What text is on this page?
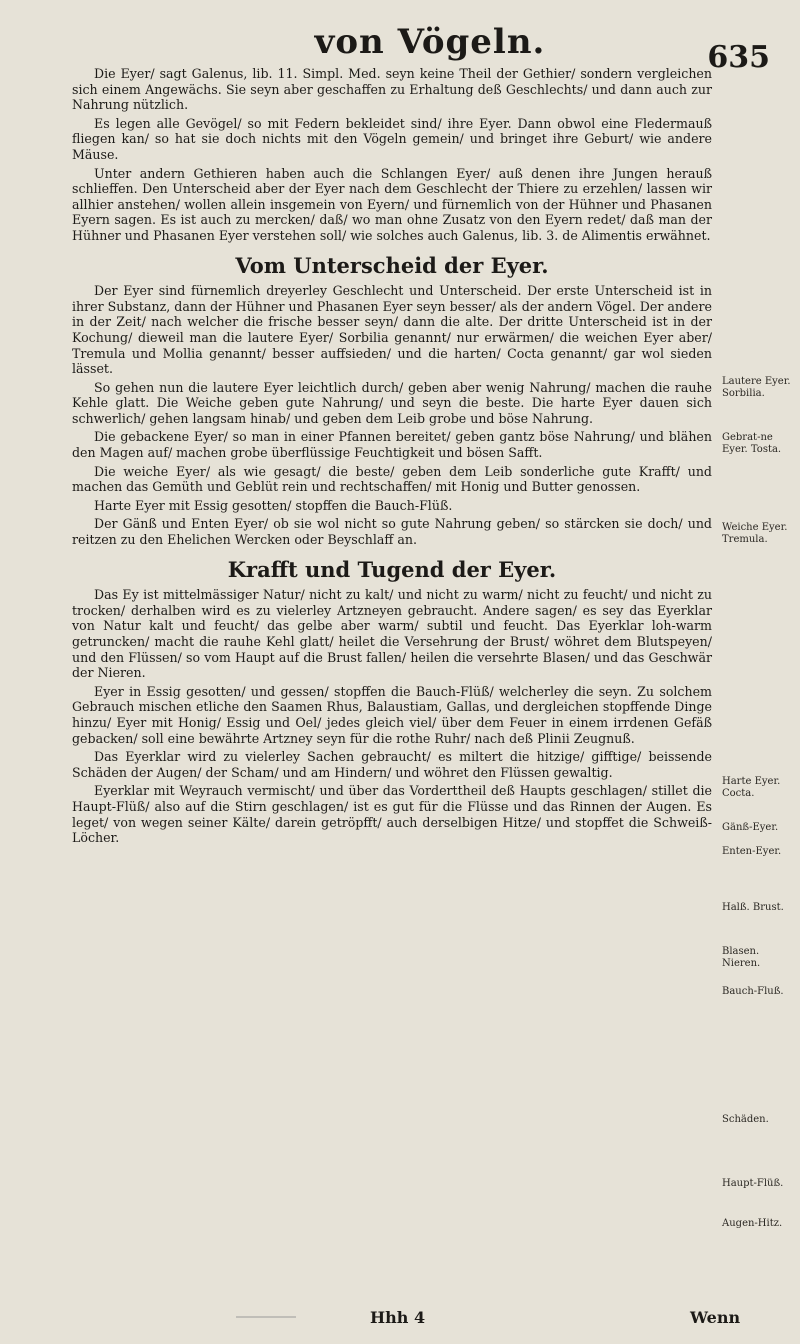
von Vögeln.	635

Die Eyer/ sagt Galenus, lib. 11. Simpl. Med. seyn keine Theil der Gethier/ sondern vergleichen sich einem Angewächs. Sie seyn aber geschaffen zu Erhaltung deß Geschlechts/ und dann auch zur Nahrung nützlich.

Es legen alle Gevögel/ so mit Federn bekleidet sind/ ihre Eyer. Dann obwol eine Fledermauß fliegen kan/ so hat sie doch nichts mit den Vögeln gemein/ und bringet ihre Geburt/ wie andere Mäuse.

Unter andern Gethieren haben auch die Schlangen Eyer/ auß denen ihre Jungen herauß schlieffen. Den Unterscheid aber der Eyer nach dem Geschlecht der Thiere zu erzehlen/ lassen wir allhier anstehen/ wollen allein insgemein von Eyern/ und fürnemlich von der Hühner und Phasanen Eyern sagen. Es ist auch zu mercken/ daß/ wo man ohne Zusatz von den Eyern redet/ daß man der Hühner und Phasanen Eyer verstehen soll/ wie solches auch Galenus, lib. 3. de Alimentis erwähnet.

Vom Unterscheid der Eyer.

Der Eyer sind fürnemlich dreyerley Geschlecht und Unterscheid. Der erste Unterscheid ist in ihrer Substanz, dann der Hühner und Phasanen Eyer seyn besser/ als der andern Vögel. Der andere in der Zeit/ nach welcher die frische besser seyn/ dann die alte. Der dritte Unterscheid ist in der Kochung/ dieweil man die lautere Eyer/ Sorbilia genannt/ nur erwärmen/ die weichen Eyer aber/ Tremula und Mollia genannt/ besser auffsieden/ und die harten/ Cocta genannt/ gar wol sieden lässet.

So gehen nun die lautere Eyer leichtlich durch/ geben aber wenig Nahrung/ machen die rauhe Kehle glatt. Die Weiche geben gute Nahrung/ und seyn die beste. Die harte Eyer dauen sich schwerlich/ gehen langsam hinab/ und geben dem Leib grobe und böse Nahrung.

Die gebackene Eyer/ so man in einer Pfannen bereitet/ geben gantz böse Nahrung/ und blähen den Magen auf/ machen grobe überflüssige Feuchtigkeit und bösen Safft.

Die weiche Eyer/ als wie gesagt/ die beste/ geben dem Leib sonderliche gute Krafft/ und machen das Gemüth und Geblüt rein und rechtschaffen/ mit Honig und Butter genossen.

Harte Eyer mit Essig gesotten/ stopffen die Bauch-Flüß.

Der Gänß und Enten Eyer/ ob sie wol nicht so gute Nahrung geben/ so stärcken sie doch/ und reitzen zu den Ehelichen Wercken oder Beyschlaff an.

Krafft und Tugend der Eyer.

Das Ey ist mittelmässiger Natur/ nicht zu kalt/ und nicht zu warm/ nicht zu feucht/ und nicht zu trocken/ derhalben wird es zu vielerley Artzneyen gebraucht. Andere sagen/ es sey das Eyerklar von Natur kalt und feucht/ das gelbe aber warm/ subtil und feucht. Das Eyerklar loh-warm getruncken/ macht die rauhe Kehl glatt/ heilet die Versehrung der Brust/ wöhret dem Blutspeyen/ und den Flüssen/ so vom Haupt auf die Brust fallen/ heilen die versehrte Blasen/ und das Geschwär der Nieren.

Eyer in Essig gesotten/ und gessen/ stopffen die Bauch-Flüß/ welcherley die seyn. Zu solchem Gebrauch mischen etliche den Saamen Rhus, Balaustiam, Gallas, und dergleichen stopffende Dinge hinzu/ Eyer mit Honig/ Essig und Oel/ jedes gleich viel/ über dem Feuer in einem irrdenen Gefäß gebacken/ soll eine bewährte Artzney seyn für die rothe Ruhr/ nach deß Plinii Zeugnuß.

Das Eyerklar wird zu vielerley Sachen gebraucht/ es miltert die hitzige/ gifftige/ beissende Schäden der Augen/ der Scham/ und am Hindern/ und wöhret den Flüssen gewaltig.

Eyerklar mit Weyrauch vermischt/ und über das Vorderttheil deß Haupts geschlagen/ stillet die Haupt-Flüß/ also auf die Stirn geschlagen/ ist es gut für die Flüsse und das Rinnen der Augen. Es leget/ von wegen seiner Kälte/ darein getröpfft/ auch derselbigen Hitze/ und stopffet die Schweiß-Löcher.

Lautere Eyer. Sorbilia.
Gebrat-ne Eyer. Tosta.
Weiche Eyer. Tremula.
Harte Eyer. Cocta.
Gänß-Eyer.
Enten-Eyer.
Halß. Brust.
Blasen. Nieren.
Bauch-Fluß.
Schäden.
Haupt-Flüß.
Augen-Hitz.
Hhh 4	Wenn
